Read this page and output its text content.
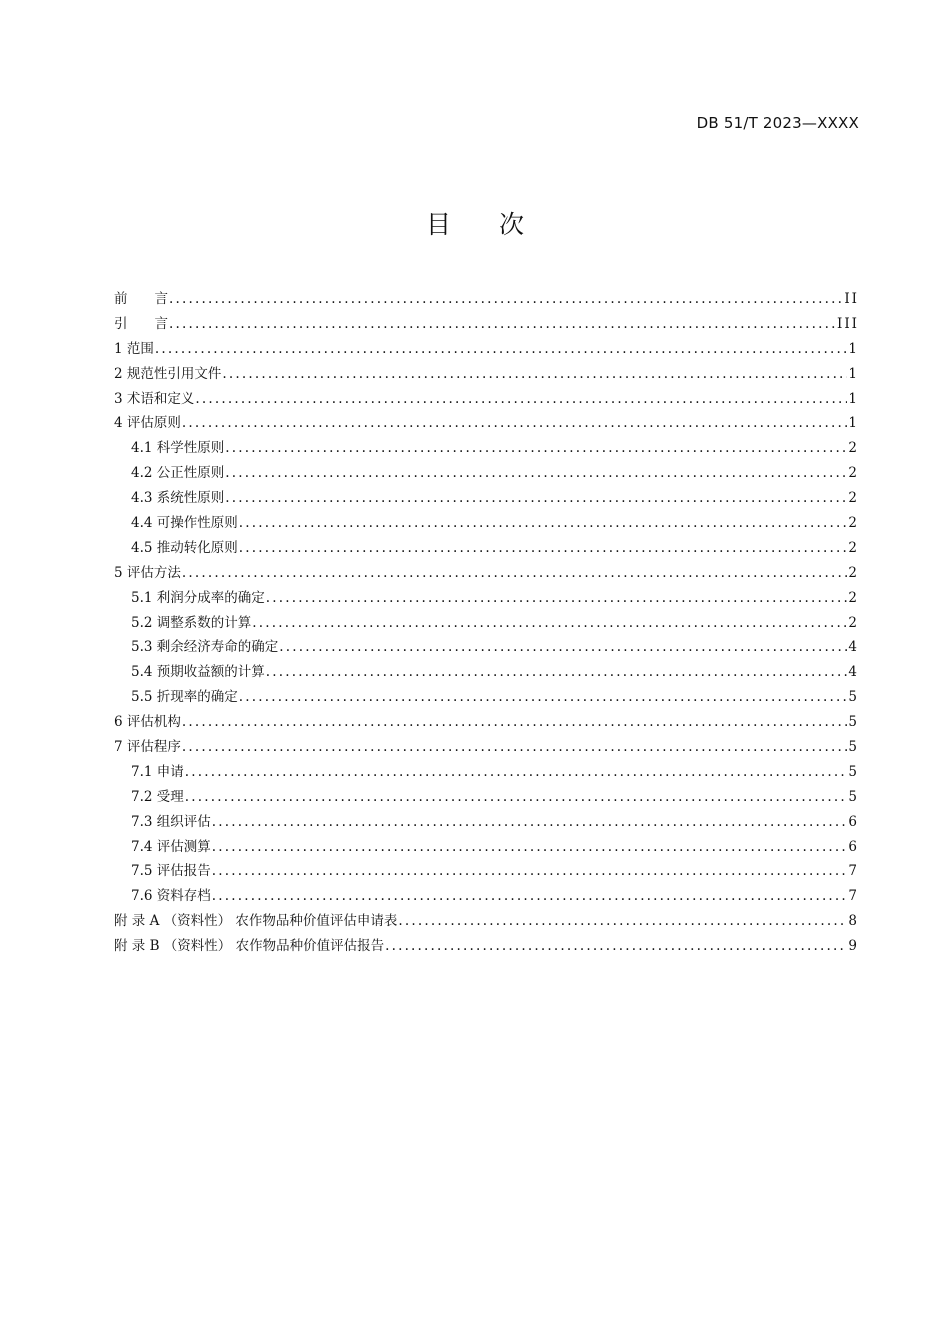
DB 51/T 2023—XXXX
目 次
前　　言 .....	II
引　　言 .....	III
1 范围 .....	1
2 规范性引用文件 .....	1
3 术语和定义 .....	1
4 评估原则 .....	1
4.1 科学性原则 .....	2
4.2 公正性原则 .....	2
4.3 系统性原则 .....	2
4.4 可操作性原则 .....	2
4.5 推动转化原则 .....	2
5 评估方法 .....	2
5.1 利润分成率的确定 .....	2
5.2 调整系数的计算 .....	2
5.3 剩余经济寿命的确定 .....	4
5.4 预期收益额的计算 .....	4
5.5 折现率的确定 .....	5
6 评估机构 .....	5
7 评估程序 .....	5
7.1 申请 .....	5
7.2 受理 .....	5
7.3 组织评估 .....	6
7.4 评估测算 .....	6
7.5 评估报告 .....	7
7.6 资料存档 .....	7
附 录 A （资料性） 农作物品种价值评估申请表 .....	8
附 录 B （资料性） 农作物品种价值评估报告 .....	9
